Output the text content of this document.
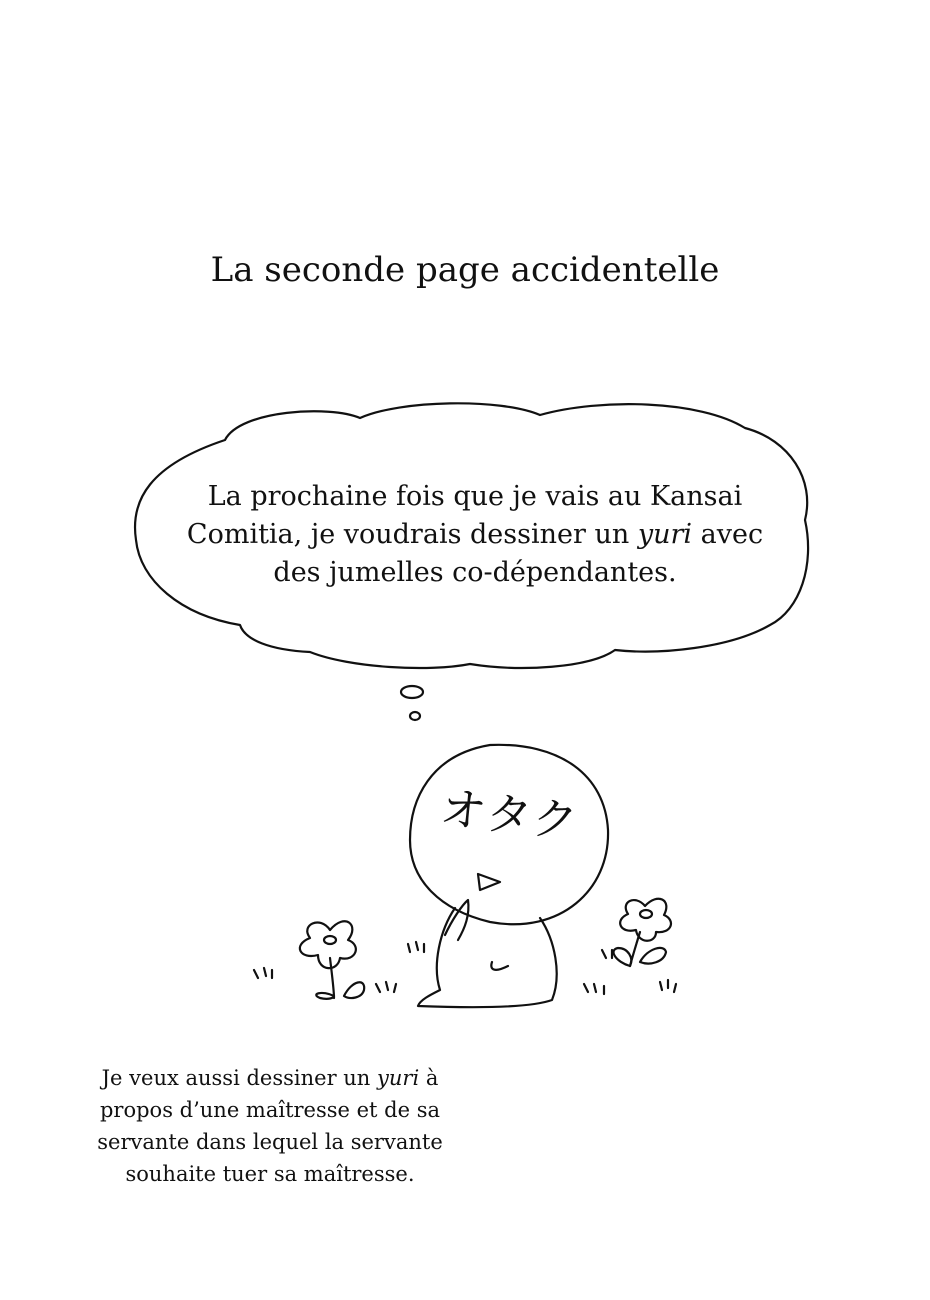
La seconde page accidentelle
オタク

La prochaine fois que je vais au Kansai
Comitia, je voudrais dessiner un yuri avec
des jumelles co-dépendantes.

Je veux aussi dessiner un yuri à
propos d’une maîtresse et de sa
servante dans lequel la servante
souhaite tuer sa maîtresse.
